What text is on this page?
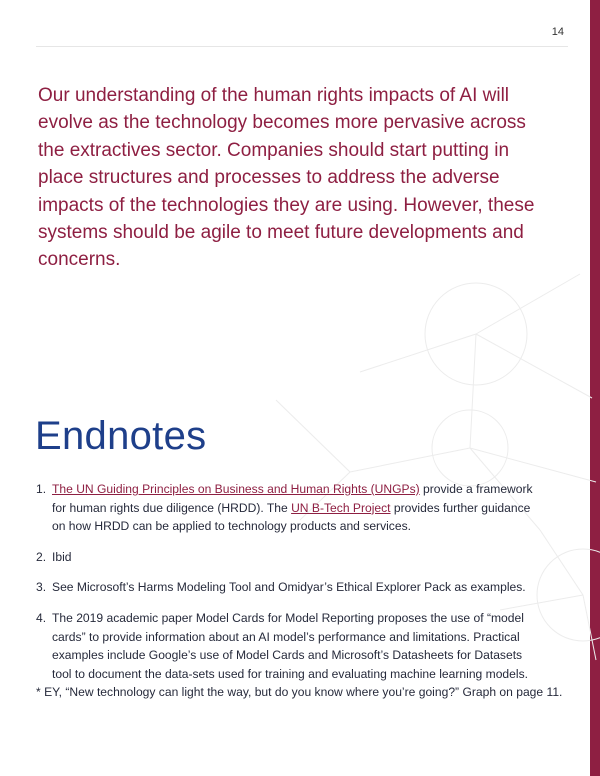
14

Our understanding of the human rights impacts of AI will evolve as the technology becomes more pervasive across the extractives sector. Companies should start putting in place structures and processes to address the adverse impacts of the technologies they are using. However, these systems should be agile to meet future developments and concerns.

Endnotes
1. The UN Guiding Principles on Business and Human Rights (UNGPs) provide a framework for human rights due diligence (HRDD). The UN B-Tech Project provides further guidance on how HRDD can be applied to technology products and services.
2. Ibid
3. See Microsoft’s Harms Modeling Tool and Omidyar’s Ethical Explorer Pack as examples.
4. The 2019 academic paper Model Cards for Model Reporting proposes the use of “model cards” to provide information about an AI model’s performance and limitations. Practical examples include Google’s use of Model Cards and Microsoft’s Datasheets for Datasets tool to document the data-sets used for training and evaluating machine learning models.

* EY, “New technology can light the way, but do you know where you’re going?” Graph on page 11.
